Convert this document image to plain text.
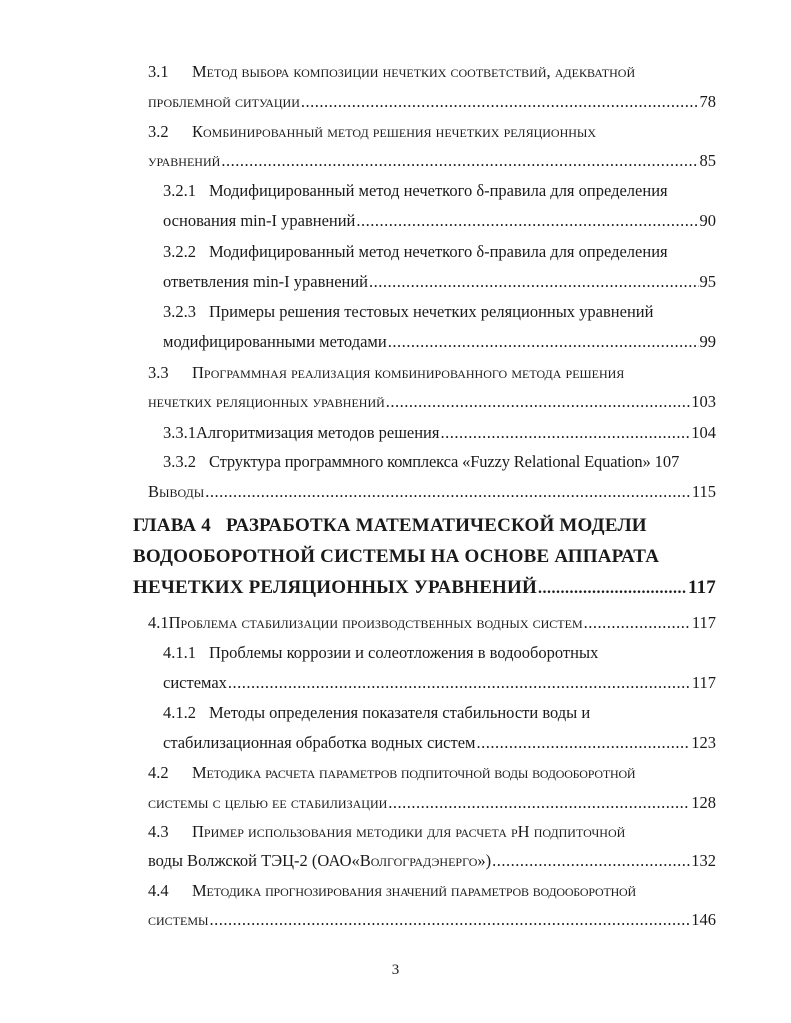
3.1	Метод выбора композиции нечетких соответствий, адекватной
проблемной ситуации .....	78
3.2	Комбинированный метод решения нечетких реляционных
уравнений .....	85
3.2.1 Модифицированный метод нечеткого δ-правила для определения
основания min-I уравнений .....	90
3.2.2 Модифицированный метод нечеткого δ-правила для определения
ответвления min-I уравнений .....	95
3.2.3 Примеры решения тестовых нечетких реляционных уравнений
модифицированными методами .....	99
3.3	Программная реализация комбинированного метода решения
нечетких реляционных уравнений .....	103
3.3.1 Алгоритмизация методов решения .....	104
3.3.2 Структура программного комплекса «Fuzzy Relational Equation» 107
Выводы .....	115
ГЛАВА 4 РАЗРАБОТКА МАТЕМАТИЧЕСКОЙ МОДЕЛИ
ВОДООБОРОТНОЙ СИСТЕМЫ НА ОСНОВЕ АППАРАТА
НЕЧЕТКИХ РЕЛЯЦИОННЫХ УРАВНЕНИЙ .....	117
4.1 Проблема стабилизации производственных водных систем .....	117
4.1.1 Проблемы коррозии и солеотложения в водооборотных
системах .....	117
4.1.2 Методы определения показателя стабильности воды и
стабилизационная обработка водных систем .....	123
4.2	Методика расчета параметров подпиточной воды водооборотной
системы с целью ее стабилизации .....	128
4.3	Пример использования методики для расчета pH подпиточной
воды Волжской ТЭЦ-2 (ОАО «Волгоградэнерго») .....	132
4.4	Методика прогнозирования значений параметров водооборотной
системы .....	146
3
